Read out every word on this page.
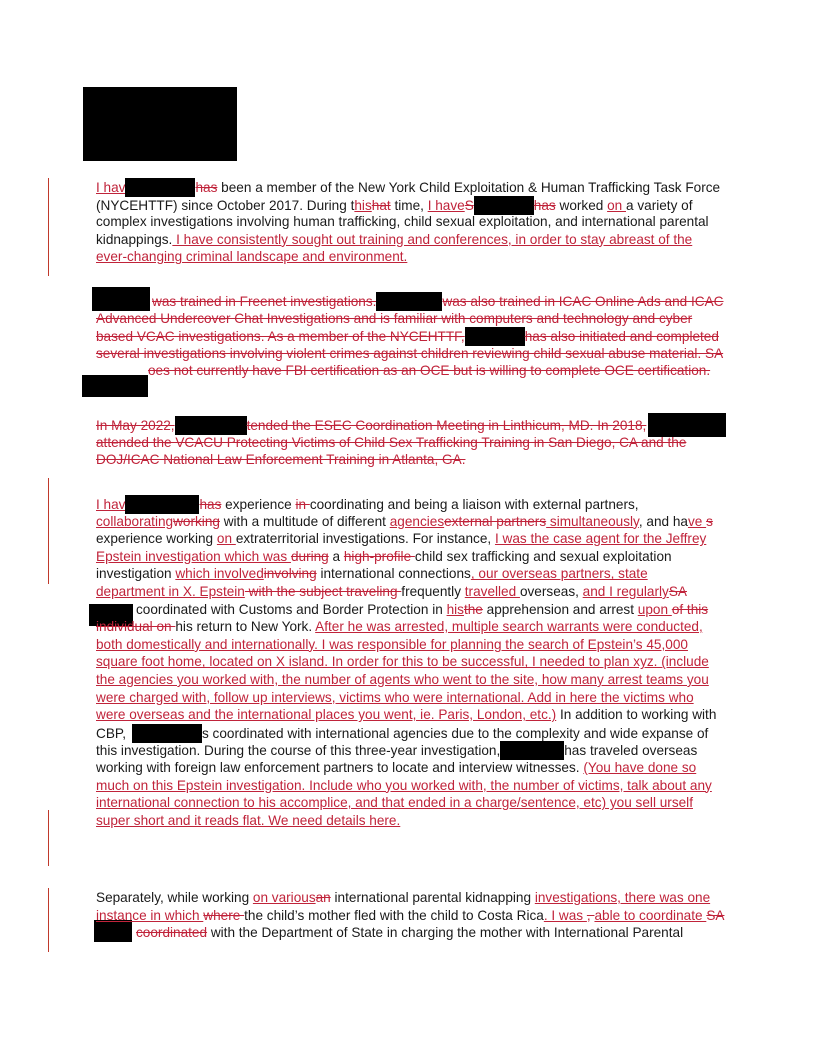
I hav	has been a member of the New York Child Exploitation & Human Trafficking Task Force
(NYCEHTTF) since October 2017. During thishat time, I haveS	has worked on a variety of
complex investigations involving human trafficking, child sexual exploitation, and international parental
kidnappings. I have consistently sought out training and conferences, in order to stay abreast of the
ever-changing criminal landscape and environment.
was trained in Freenet investigations.	was also trained in ICAC Online Ads and ICAC
Advanced Undercover Chat Investigations and is familiar with computers and technology and cyber
based VCAC investigations. As a member of the NYCEHTTF,	has also initiated and completed
several investigations involving violent crimes against children reviewing child sexual abuse material. SA
oes not currently have FBI certification as an OCE but is willing to complete OCE certification.
In May 2022,	tended the ESEC Coordination Meeting in Linthicum, MD. In 2018,
attended the VCACU Protecting Victims of Child Sex Trafficking Training in San Diego, CA and the
DOJ/ICAC National Law Enforcement Training in Atlanta, GA.
I hav	has experience in coordinating and being a liaison with external partners,
collaboratingworking with a multitude of different agenciesexternal partners simultaneously, and have s
experience working on extraterritorial investigations. For instance, I was the case agent for the Jeffrey
Epstein investigation which was during a high-profile child sex trafficking and sexual exploitation
investigation which involvedinvolving international connections, our overseas partners, state
department in X. Epstein with the subject traveling frequently travelled overseas, and I regularlySA
coordinated with Customs and Border Protection in histhe apprehension and arrest upon of this
individual on his return to New York. After he was arrested, multiple search warrants were conducted,
both domestically and internationally. I was responsible for planning the search of Epstein’s 45,000
square foot home, located on X island. In order for this to be successful, I needed to plan xyz. (include
the agencies you worked with, the number of agents who went to the site, how many arrest teams you
were charged with, follow up interviews, victims who were international. Add in here the victims who
were overseas and the international places you went, ie. Paris, London, etc.) In addition to working with
CBP,	s coordinated with international agencies due to the complexity and wide expanse of
this investigation. During the course of this three-year investigation,	has traveled overseas
working with foreign law enforcement partners to locate and interview witnesses. (You have done so
much on this Epstein investigation. Include who you worked with, the number of victims, talk about any
international connection to his accomplice, and that ended in a charge/sentence, etc) you sell urself
super short and it reads flat. We need details here.
Separately, while working on variousan international parental kidnapping investigations, there was one
instance in which where the child’s mother fled with the child to Costa Rica. I was , able to coordinate SA
coordinated with the Department of State in charging the mother with International Parental
